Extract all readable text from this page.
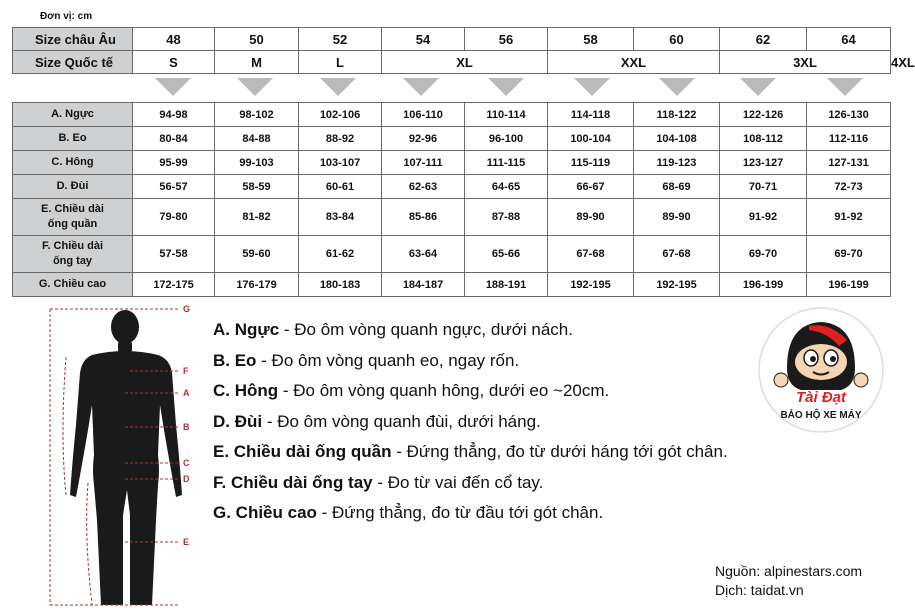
Đơn vị: cm
Size châu Âu	48	50	52	54	56	58	60	62	64	
Size Quốc tế	S	M	L	XL		XXL		3XL		4XL
A. Ngực	94-98	98-102	102-106	106-110	110-114	114-118	118-122	122-126	126-130
B. Eo	80-84	84-88	88-92	92-96	96-100	100-104	104-108	108-112	112-116
C. Hông	95-99	99-103	103-107	107-111	111-115	115-119	119-123	123-127	127-131
D. Đùi	56-57	58-59	60-61	62-63	64-65	66-67	68-69	70-71	72-73

E. Chiều dài
ống quần	79-80	81-82	83-84	85-86	87-88	89-90	89-90	91-92	91-92

F. Chiều dài
ống tay	57-58	59-60	61-62	63-64	65-66	67-68	67-68	69-70	69-70
G. Chiều cao	172-175	176-179	180-183	184-187	188-191	192-195	192-195	196-199	196-199
G
F
A
B
C
D
E
A. Ngực - Đo ôm vòng quanh ngực, dưới nách.
B. Eo - Đo ôm vòng quanh eo, ngay rốn.
C. Hông - Đo ôm vòng quanh hông, dưới eo ~20cm.
D. Đùi - Đo ôm vòng quanh đùi, dưới háng.
E. Chiều dài ống quần - Đứng thẳng, đo từ dưới háng tới gót chân.
F. Chiều dài ống tay - Đo từ vai đến cổ tay.
G. Chiều cao - Đứng thẳng, đo từ đầu tới gót chân.
Tài Đạt
BẢO HỘ XE MÁY
Nguồn: alpinestars.com
Dịch: taidat.vn
